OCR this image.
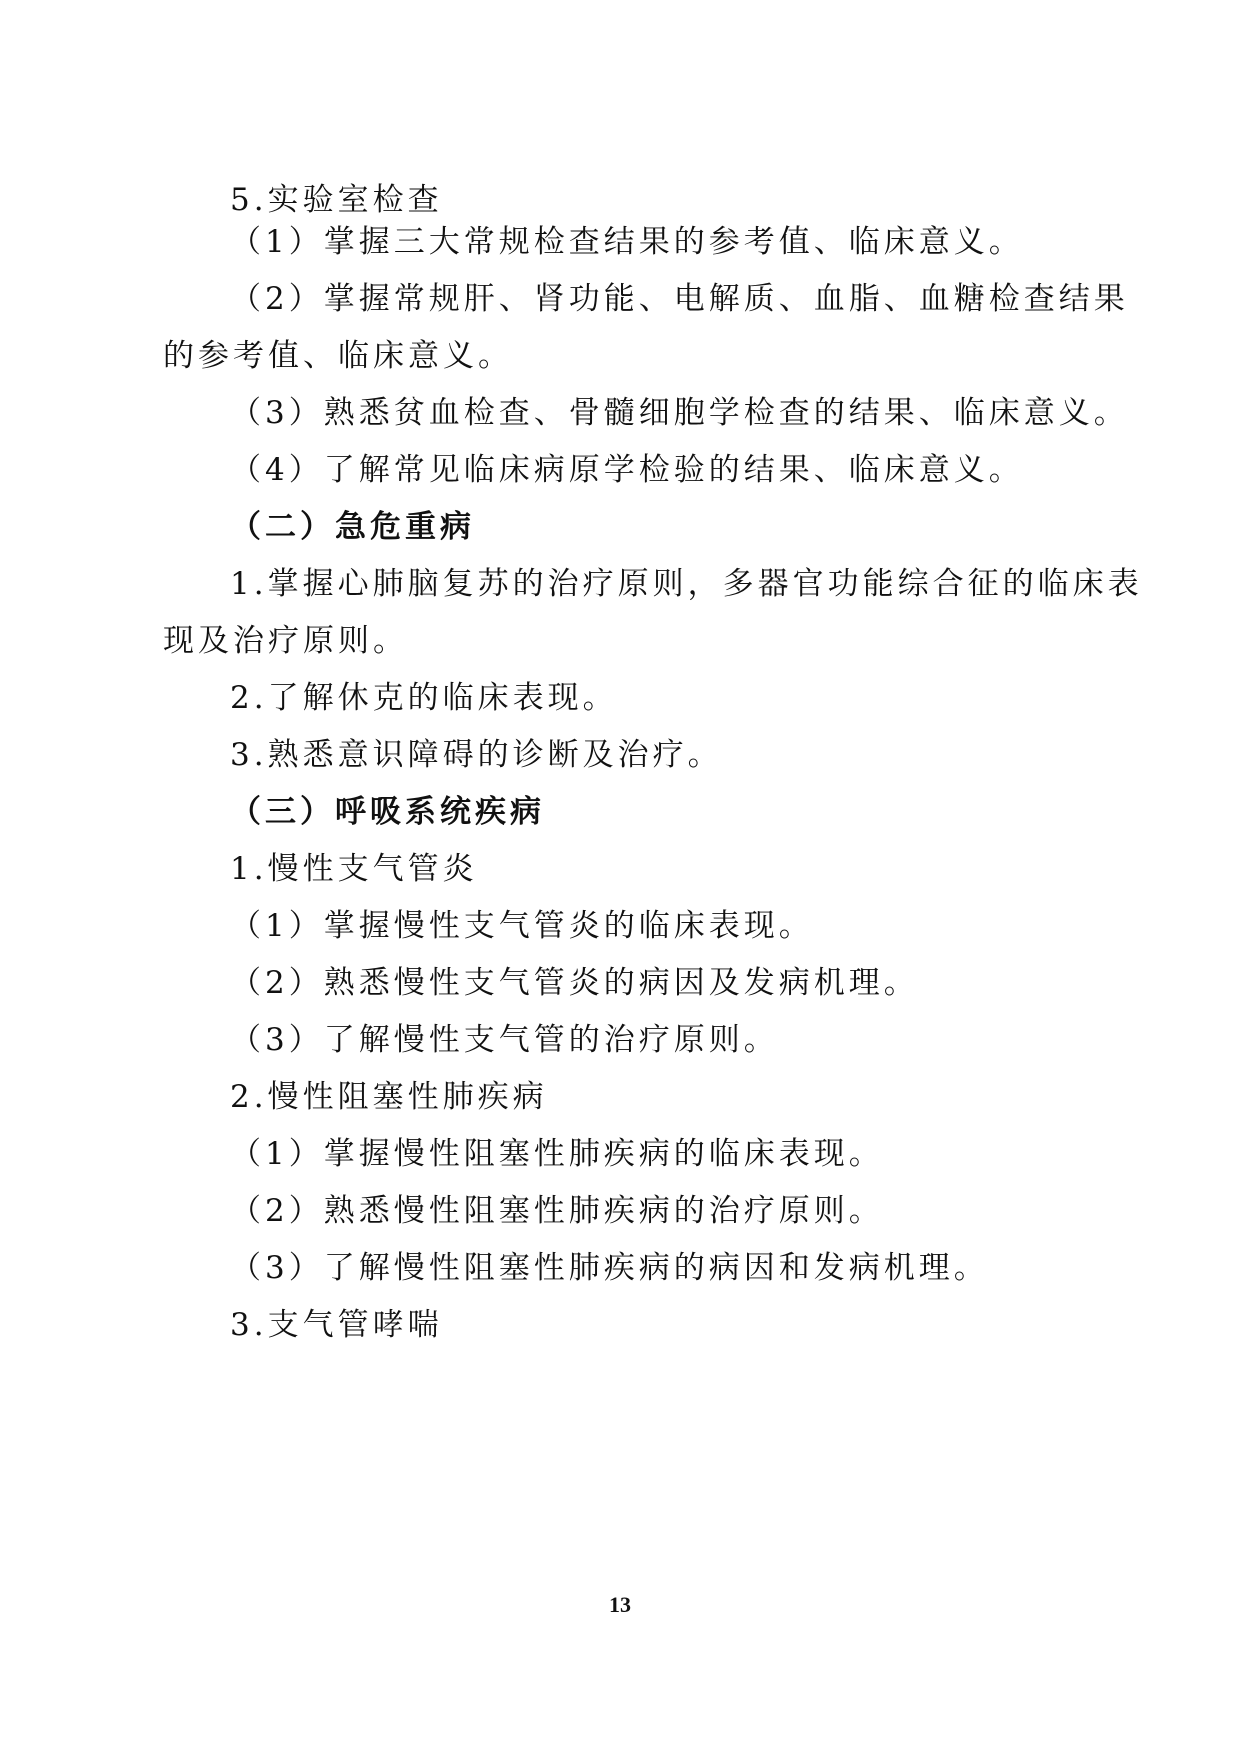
5.实验室检查
（1）掌握三大常规检查结果的参考值、临床意义。
（2）掌握常规肝、肾功能、电解质、血脂、血糖检查结果
的参考值、临床意义。
（3）熟悉贫血检查、骨髓细胞学检查的结果、临床意义。
（4）了解常见临床病原学检验的结果、临床意义。
（二）急危重病
1.掌握心肺脑复苏的治疗原则，多器官功能综合征的临床表
现及治疗原则。
2.了解休克的临床表现。
3.熟悉意识障碍的诊断及治疗。
（三）呼吸系统疾病
1.慢性支气管炎
（1）掌握慢性支气管炎的临床表现。
（2）熟悉慢性支气管炎的病因及发病机理。
（3）了解慢性支气管的治疗原则。
2.慢性阻塞性肺疾病
（1）掌握慢性阻塞性肺疾病的临床表现。
（2）熟悉慢性阻塞性肺疾病的治疗原则。
（3）了解慢性阻塞性肺疾病的病因和发病机理。
3.支气管哮喘
13
